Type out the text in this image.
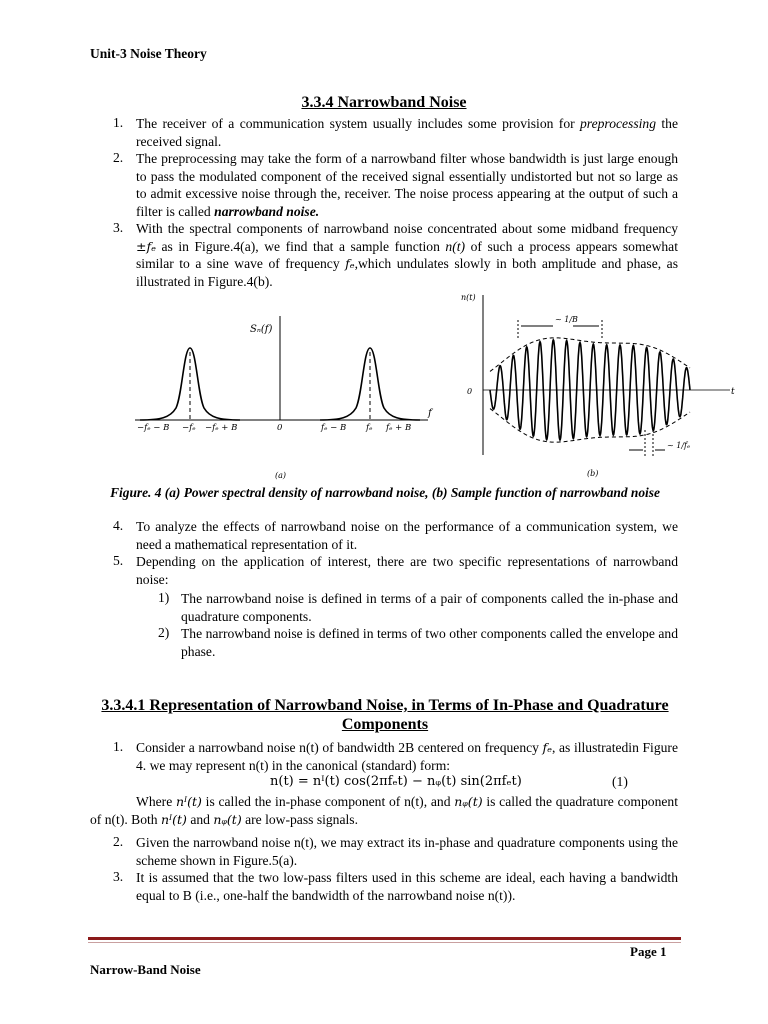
Unit-3 Noise Theory
3.3.4 Narrowband Noise
1. The receiver of a communication system usually includes some provision for preprocessing the received signal.
2. The preprocessing may take the form of a narrowband filter whose bandwidth is just large enough to pass the modulated component of the received signal essentially undistorted but not so large as to admit excessive noise through the, receiver. The noise process appearing at the output of such a filter is called narrowband noise.
3. With the spectral components of narrowband noise concentrated about some midband frequency ±fₑ as in Figure.4(a), we find that a sample function n(t) of such a process appears somewhat similar to a sine wave of frequency fₑ,which undulates slowly in both amplitude and phase, as illustrated in Figure.4(b).
Sₙ(f)
f
−fₑ − B −fₑ −fₑ + B	0	fₑ − B fₑ fₑ + B
(a)
n(t)
0	t
~ 1/B
~ 1/fₑ
(b)
Figure. 4 (a) Power spectral density of narrowband noise, (b) Sample function of narrowband noise
4. To analyze the effects of narrowband noise on the performance of a communication system, we need a mathematical representation of it.
5. Depending on the application of interest, there are two specific representations of narrowband noise:
1) The narrowband noise is defined in terms of a pair of components called the in-phase and quadrature components.
2) The narrowband noise is defined in terms of two other components called the envelope and phase.
3.3.4.1 Representation of Narrowband Noise, in Terms of In-Phase and Quadrature Components
1. Consider a narrowband noise n(t) of bandwidth 2B centered on frequency fₑ, as illustratedin Figure 4. we may represent n(t) in the canonical (standard) form:
n(t) = nᴵ(t) cos(2πfₑt) − nᵩ(t) sin(2πfₑt)	(1)
Where nᴵ(t) is called the in-phase component of n(t), and nᵩ(t) is called the quadrature component of n(t). Both nᴵ(t) and nᵩ(t) are low-pass signals.
2. Given the narrowband noise n(t), we may extract its in-phase and quadrature components using the scheme shown in Figure.5(a).
3. It is assumed that the two low-pass filters used in this scheme are ideal, each having a bandwidth equal to B (i.e., one-half the bandwidth of the narrowband noise n(t)).
Page 1
Narrow-Band Noise
